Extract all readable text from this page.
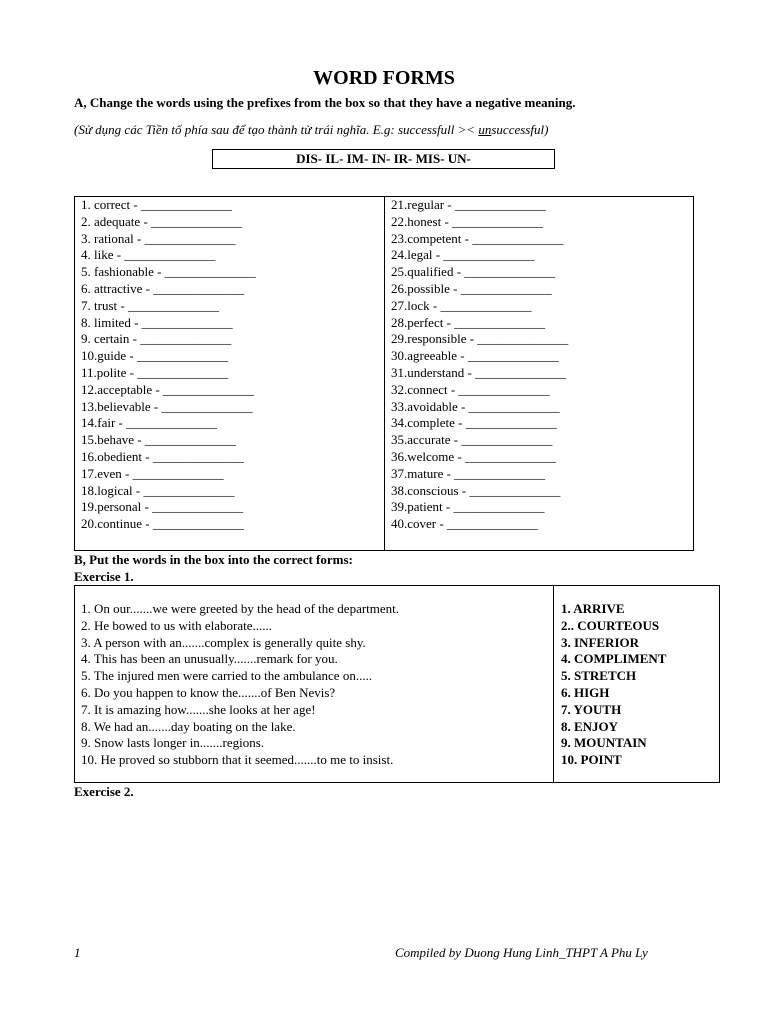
WORD FORMS
A, Change the words using the prefixes from the box so that they have a negative meaning.
(Sử dụng các Tiền tố phía sau để tạo thành từ trái nghĩa. E.g: successfull >< unsuccessful)
DIS- IL- IM- IN- IR- MIS- UN-
1. correct - ______________
2. adequate - ______________
3. rational - ______________
4. like - ______________
5. fashionable - ______________
6. attractive - ______________
7. trust - ______________
8. limited - ______________
9. certain - ______________
10.guide - ______________
11.polite - ______________
12.acceptable - ______________
13.believable - ______________
14.fair - ______________
15.behave - ______________
16.obedient - ______________
17.even - ______________
18.logical - ______________
19.personal - ______________
20.continue - ______________
21.regular - ______________
22.honest - ______________
23.competent - ______________
24.legal - ______________
25.qualified - ______________
26.possible - ______________
27.lock - ______________
28.perfect - ______________
29.responsible - ______________
30.agreeable - ______________
31.understand - ______________
32.connect - ______________
33.avoidable - ______________
34.complete - ______________
35.accurate - ______________
36.welcome - ______________
37.mature - ______________
38.conscious - ______________
39.patient - ______________
40.cover - ______________
B, Put the words in the box into the correct forms:
Exercise 1.
1. On our.......we were greeted by the head of the department.
2. He bowed to us with elaborate......
3. A person with an.......complex is generally quite shy.
4. This has been an unusually.......remark for you.
5. The injured men were carried to the ambulance on.....
6. Do you happen to know the.......of Ben Nevis?
7. It is amazing how.......she looks at her age!
8. We had an.......day boating on the lake.
9. Snow lasts longer in.......regions.
10. He proved so stubborn that it seemed.......to me to insist.
1. ARRIVE
2.. COURTEOUS
3. INFERIOR
4. COMPLIMENT
5. STRETCH
6. HIGH
7. YOUTH
8. ENJOY
9. MOUNTAIN
10. POINT
Exercise 2.
1	Compiled by Duong Hung Linh_THPT A Phu Ly
